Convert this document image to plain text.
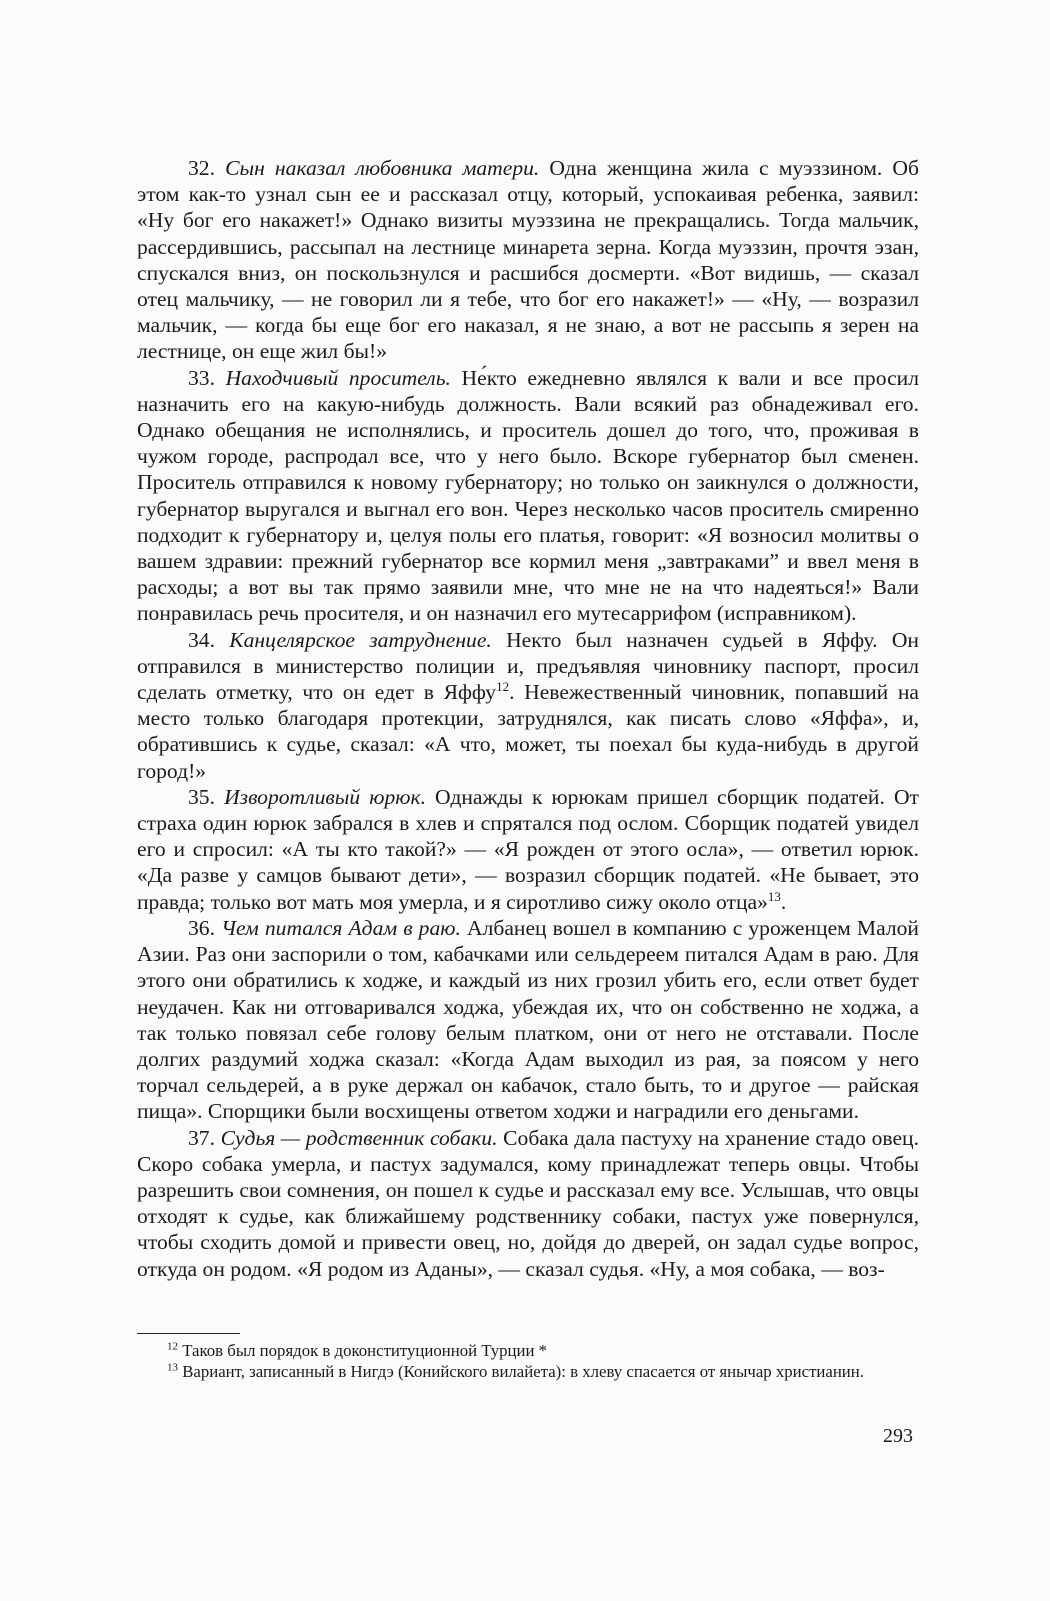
32. Сын наказал любовника матери. Одна женщина жила с муэззином. Об этом как-то узнал сын ее и рассказал отцу, который, успокаивая ребенка, заявил: «Ну бог его накажет!» Однако визиты муэззина не прекращались. Тогда мальчик, рассердившись, рассыпал на лестнице минарета зерна. Когда муэззин, прочтя эзан, спускался вниз, он поскользнулся и расшибся досмерти. «Вот видишь, — сказал отец мальчику, — не говорил ли я тебе, что бог его накажет!» — «Ну, — возразил мальчик, — когда бы еще бог его наказал, я не знаю, а вот не рассыпь я зерен на лестнице, он еще жил бы!»

33. Находчивый проситель. Не́кто ежедневно являлся к вали и все просил назначить его на какую-нибудь должность. Вали всякий раз обнадеживал его. Однако обещания не исполнялись, и проситель дошел до того, что, проживая в чужом городе, распродал все, что у него было. Вскоре губернатор был сменен. Проситель отправился к новому губернатору; но только он заикнулся о должности, губернатор выругался и выгнал его вон. Через несколько часов проситель смиренно подходит к губернатору и, целуя полы его платья, говорит: «Я возносил молитвы о вашем здравии: прежний губернатор все кормил меня „завтраками” и ввел меня в расходы; а вот вы так прямо заявили мне, что мне не на что надеяться!» Вали понравилась речь просителя, и он назначил его мутесаррифом (исправником).

34. Канцелярское затруднение. Некто был назначен судьей в Яффу. Он отправился в министерство полиции и, предъявляя чиновнику паспорт, просил сделать отметку, что он едет в Яффу$^{12}$. Невежественный чиновник, попавший на место только благодаря протекции, затруднялся, как писать слово «Яффа», и, обратившись к судье, сказал: «А что, может, ты поехал бы куда-нибудь в другой город!»

35. Изворотливый юрюк. Однажды к юрюкам пришел сборщик податей. От страха один юрюк забрался в хлев и спрятался под ослом. Сборщик податей увидел его и спросил: «А ты кто такой?» — «Я рожден от этого осла», — ответил юрюк. «Да разве у самцов бывают дети», — возразил сборщик податей. «Не бывает, это правда; только вот мать моя умерла, и я сиротливо сижу около отца»$^{13}$.

36. Чем питался Адам в раю. Албанец вошел в компанию с уроженцем Малой Азии. Раз они заспорили о том, кабачками или сельдереем питался Адам в раю. Для этого они обратились к ходже, и каждый из них грозил убить его, если ответ будет неудачен. Как ни отговаривался ходжа, убеждая их, что он собственно не ходжа, а так только повязал себе голову белым платком, они от него не отставали. После долгих раздумий ходжа сказал: «Когда Адам выходил из рая, за поясом у него торчал сельдерей, а в руке держал он кабачок, стало быть, то и другое — райская пища». Спорщики были восхищены ответом ходжи и наградили его деньгами.

37. Судья — родственник собаки. Собака дала пастуху на хранение стадо овец. Скоро собака умерла, и пастух задумался, кому принадлежат теперь овцы. Чтобы разрешить свои сомнения, он пошел к судье и рассказал ему все. Услышав, что овцы отходят к судье, как ближайшему родственнику собаки, пастух уже повернулся, чтобы сходить домой и привести овец, но, дойдя до дверей, он задал судье вопрос, откуда он родом. «Я родом из Аданы», — сказал судья. «Ну, а моя собака, — воз-

$^{12}$ Таков был порядок в доконституционной Турции *

$^{13}$ Вариант, записанный в Нигдэ (Конийского вилайета): в хлеву спасается от янычар христианин.

293
